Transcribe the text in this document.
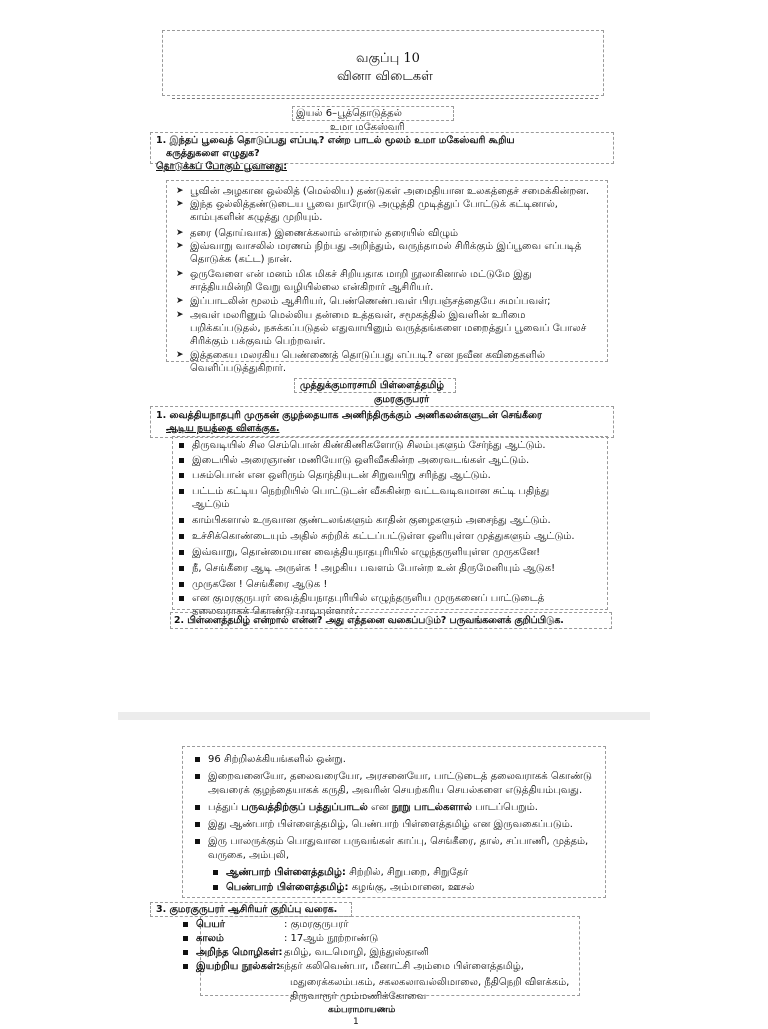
வகுப்பு 10
வினா விடைகள்
இயல் 6–பூத்தொடுத்தல்
உமா மகேஸ்வரி
1. இந்தப் பூவைத் தொடுப்பது எப்படி? என்ற பாடல் மூலம் உமா மகேஸ்வரி கூறிய
கருத்துகளை எழுதுக?
தொடுக்கப் போகும் பூவானது:
➤ பூவின் அழகான ஒல்லித் (மெல்லிய) தண்டுகள் அமைதியான உலகத்தைச் சமைக்கின்றன.
➤ இந்த ஒல்லித்தண்டுடைய பூவை நாரோடு அழுத்தி முடித்துப் போட்டுக் கட்டினால்,
காம்புகளின் கழுத்து முறியும்.
➤ தரை (தொய்வாக) இணைக்கலாம் என்றால் தரையில் விழும்
➤ இவ்வாறு வாசலில் மரணம் நிற்பது அறிந்தும், வருந்தாமல் சிரிக்கும் இப்பூவை எப்படித்
தொடுக்க (கட்ட) நான்.
➤ ஒருவேளை என் மனம் மிக மிகச் சிறியதாக மாறி நூலாகினால் மட்டுமே இது
சாத்தியமின்றி வேறு வழியில்லை என்கிறார் ஆசிரியர்.
➤ இப்பாடலின் மூலம் ஆசிரியர், பெண்ணெண்பவள் பிரபஞ்சத்தையே சுமப்பவள்;
➤ அவள் மலரினும் மெல்லிய தன்மை உத்தவள், சமூகத்தில் இவளின் உரிமை
பறிக்கப்படுதல், நசுக்கப்படுதல் எதுவாயினும் வருத்தங்களை மறைத்துப் பூவைப் போலச்
சிரிக்கும் பக்குவம் பெற்றவள்.
➤ இத்தகைய மலரகிய பெண்ணைத் தொடுப்பது எப்படி? என நவீன கவிதைகளில்
வெளிப்படுத்துகிறார்.
முத்துக்குமாரசாமி பிள்ளைத்தமிழ்
குமரகுருபரர்
1. வைத்தியநாதபுரி முருகன் குழந்தையாக அணிந்திருக்கும் அணிகலன்களுடன் செங்கீரை
ஆடிய நயத்தை விளக்குக.
திருவடியில் சில செம்பொன் கிண்கிணிகளோடு சிலம்புகளும் சேர்ந்து ஆட்டும்.
இடையில் அரைஞாண் மணியோடு ஒளிவீசுகின்ற அரைவடங்கள் ஆட்டும்.
பசும்பொன் என ஒளிரும் தொந்தியுடன் சிறுவயிறு சரிந்து ஆட்டும்.
பட்டம் கட்டிய நெற்றியில் பொட்டுடன் வீசுகின்ற வட்டவடிவமான சுட்டி பதிந்து
ஆட்டும்
காம்பிகளால் உருவான குண்டலங்களும் காதின் குழைகளும் அசைந்து ஆட்டும்.
உச்சிக்கொண்டையும் அதில் சுற்றிக் கட்டப்பட்டுள்ள ஒளியுள்ள முத்துகளும் ஆட்டும்.
இவ்வாறு, தொன்மையான வைத்தியநாதபுரியில் எழுந்தருளியுள்ள முருகனே!
நீ, செங்கீரை ஆடி அருள்க ! அழகிய பவளம் போன்ற உன் திருமேனியும் ஆடுக!
முருகனே ! செங்கீரை ஆடுக !
என குமரகுருபரர் வைத்தியநாதபுரியில் எழுந்தருளிய முருகனைப் பாட்டுடைத்
தலைவராகக் கொண்டு பாடியுள்ளார்.
2. பிள்ளைத்தமிழ் என்றால் என்ன? அது எத்தனை வகைப்படும்? பருவங்களைக் குறிப்பிடுக.
96 சிற்றிலக்கியங்களில் ஒன்று.
இறைவனையோ, தலைவரையோ, அரசனையோ, பாட்டுடைத் தலைவராகக் கொண்டு
அவரைக் குழந்தையாகக் கருதி, அவரின் செயற்கரிய செயல்களை எடுத்தியம்புவது.
பத்துப் பருவத்திற்குப் பத்துப்பாடல் என நூறு பாடல்களால் பாடப்பெறும்.
இது ஆண்பாற் பிள்ளைத்தமிழ், பெண்பாற் பிள்ளைத்தமிழ் என இருவகைப்படும்.
இரு பாலருக்கும் பொதுவான பருவங்கள் காப்பு, செங்கீரை, தால், சப்பாணி, முத்தம்,
வருகை, அம்புலி,
ஆண்பாற் பிள்ளைத்தமிழ்: சிற்றில், சிறுபறை, சிறுதேர்
பெண்பாற் பிள்ளைத்தமிழ்: கழங்கு, அம்மானை, ஊசல்
3. குமரகுருபரர் ஆசிரியர் குறிப்பு வரைக.
பெயர்	: குமரகுருபரர்
காலம்	: 17ஆம் நூற்றாண்டு
அறிந்த மொழிகள்: தமிழ், வடமொழி, இந்துஸ்தானி
இயற்றிய நூல்கள்:
கந்தர் கலிவெண்பா, மீனாட்சி அம்மை பிள்ளைத்தமிழ்,
மதுரைக்கலம்பகம், சகலகலாவல்லிமாலை, நீதிநெறி விளக்கம்,
திருவாரூர் மும்மணிக்கோவை
கம்பராமாயணம்
1
